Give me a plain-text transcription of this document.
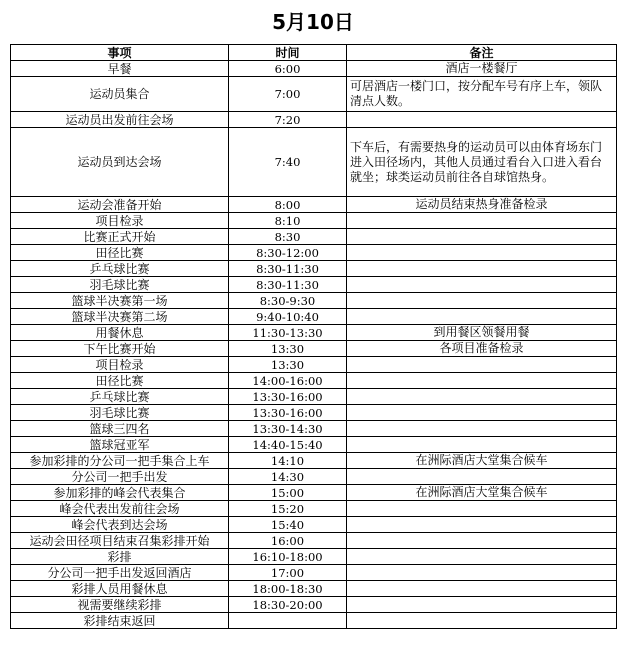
5月10日
事项	时间	备注
早餐	6:00	酒店一楼餐厅
运动员集合	7:00	可居酒店一楼门口，按分配车号有序上车，领队清点人数。
运动员出发前往会场	7:20	
运动员到达会场	7:40	下车后，有需要热身的运动员可以由体育场东门进入田径场内，其他人员通过看台入口进入看台就坐；球类运动员前往各自球馆热身。
运动会准备开始	8:00	运动员结束热身准备检录
项目检录	8:10	
比赛正式开始	8:30	
田径比赛	8:30-12:00	
乒乓球比赛	8:30-11:30	
羽毛球比赛	8:30-11:30	
篮球半决赛第一场	8:30-9:30	
篮球半决赛第二场	9:40-10:40	
用餐休息	11:30-13:30	到用餐区领餐用餐
下午比赛开始	13:30	各项目准备检录
项目检录	13:30	
田径比赛	14:00-16:00	
乒乓球比赛	13:30-16:00	
羽毛球比赛	13:30-16:00	
篮球三四名	13:30-14:30	
篮球冠亚军	14:40-15:40	
参加彩排的分公司一把手集合上车	14:10	在洲际酒店大堂集合候车
分公司一把手出发	14:30	
参加彩排的峰会代表集合	15:00	在洲际酒店大堂集合候车
峰会代表出发前往会场	15:20	
峰会代表到达会场	15:40	
运动会田径项目结束召集彩排开始	16:00	
彩排	16:10-18:00	
分公司一把手出发返回酒店	17:00	
彩排人员用餐休息	18:00-18:30	
视需要继续彩排	18:30-20:00	
彩排结束返回		
